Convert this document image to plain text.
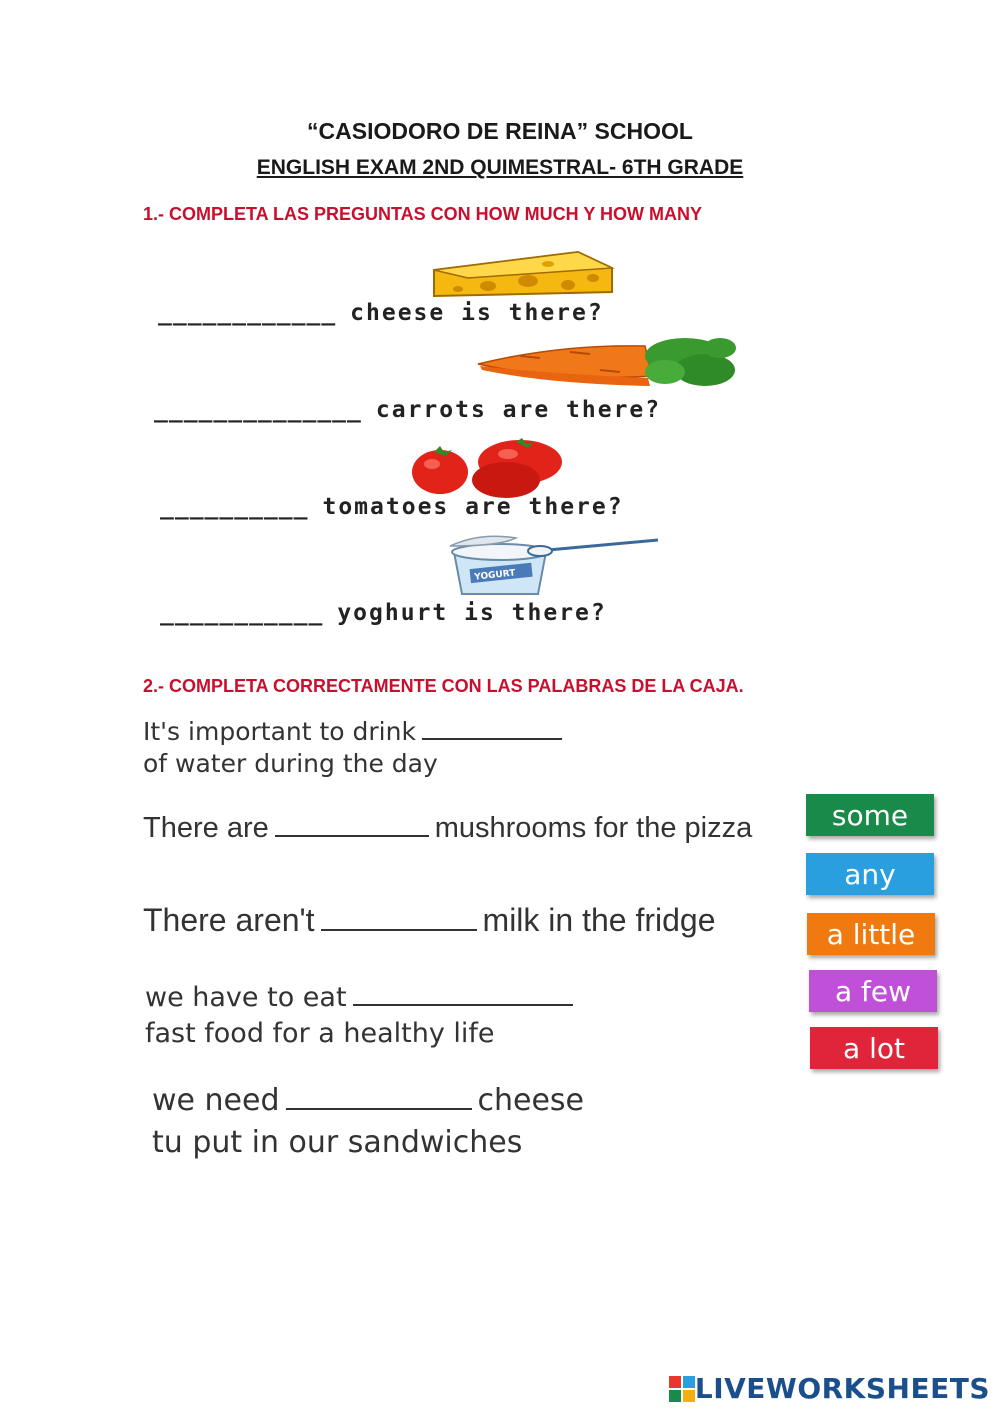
“CASIODORO DE REINA” SCHOOL
ENGLISH EXAM 2ND QUIMESTRAL- 6TH GRADE
1.- COMPLETA LAS PREGUNTAS CON HOW MUCH Y HOW MANY
____________ cheese is there?
______________ carrots are there?
__________ tomatoes are there?
YOGURT
___________ yoghurt is there?
2.- COMPLETA CORRECTAMENTE CON LAS PALABRAS DE LA CAJA.
It's important to drink
of water during the day
There are	mushrooms for the pizza
There aren't	milk in the fridge
we have to eat
fast food for a healthy life
we need	cheese
tu put in our sandwiches
some
any
a little
a few
a lot
LIVEWORKSHEETS
